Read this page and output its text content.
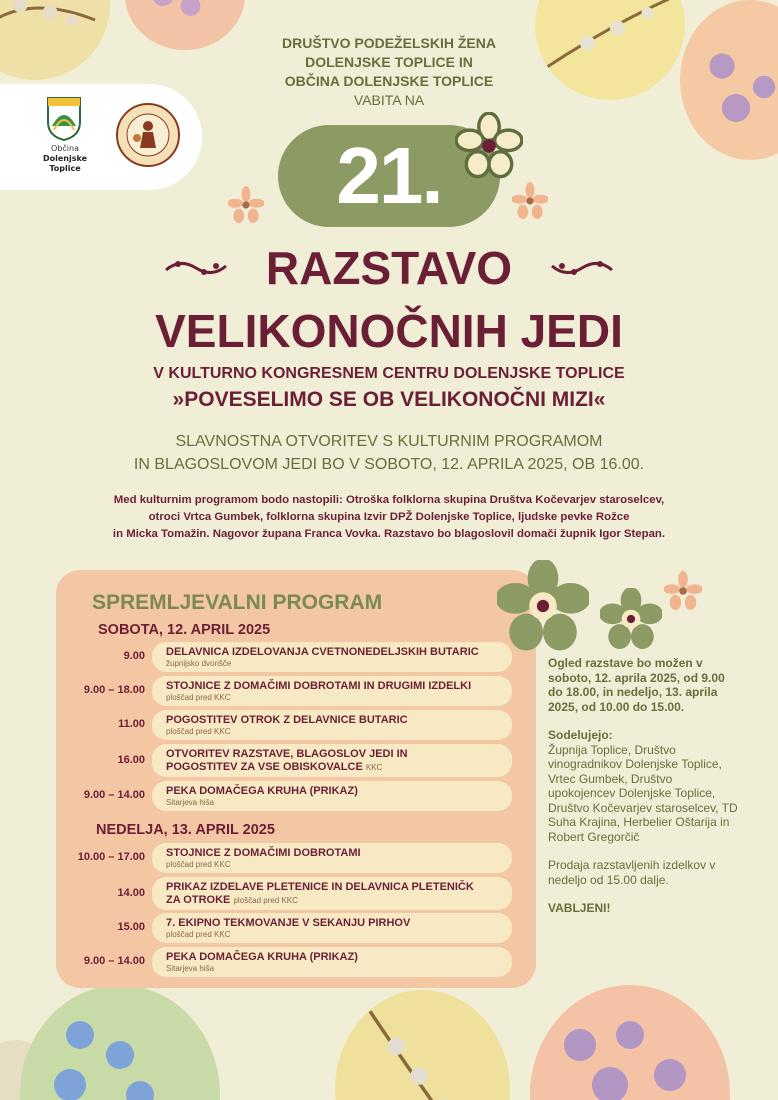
Občina
Dolenjske
Toplice
DRUŠTVO PODEŽELSKIH ŽENA
DOLENJSKE TOPLICE IN
OBČINA DOLENJSKE TOPLICE
VABITA NA
21.
RAZSTAVO
VELIKONOČNIH JEDI
V KULTURNO KONGRESNEM CENTRU DOLENJSKE TOPLICE
»POVESELIMO SE OB VELIKONOČNI MIZI«
SLAVNOSTNA OTVORITEV S KULTURNIM PROGRAMOM
IN BLAGOSLOVOM JEDI BO V SOBOTO, 12. APRILA 2025, OB 16.00.
Med kulturnim programom bodo nastopili: Otroška folklorna skupina Društva Kočevarjev staroselcev,
otroci Vrtca Gumbek, folklorna skupina Izvir DPŽ Dolenjske Toplice, ljudske pevke Rožce
in Micka Tomažin. Nagovor župana Franca Vovka. Razstavo bo blagoslovil domači župnik Igor Stepan.
SPREMLJEVALNI PROGRAM
SOBOTA, 12. APRIL 2025
9.00 DELAVNICA IZDELOVANJA CVETNONEDELJSKIH BUTARIC
župnijsko dvorišče
9.00 – 18.00 STOJNICE Z DOMAČIMI DOBROTAMI IN DRUGIMI IZDELKI
ploščad pred KKC
11.00 POGOSTITEV OTROK Z DELAVNICE BUTARIC
ploščad pred KKC
16.00 OTVORITEV RAZSTAVE, BLAGOSLOV JEDI IN
POGOSTITEV ZA VSE OBISKOVALCE KKC
9.00 – 14.00 PEKA DOMAČEGA KRUHA (PRIKAZ)
Sitarjeva hiša
NEDELJA, 13. APRIL 2025
10.00 – 17.00 STOJNICE Z DOMAČIMI DOBROTAMI
ploščad pred KKC
14.00 PRIKAZ IZDELAVE PLETENICE IN DELAVNICA PLETENIČK
ZA OTROKE ploščad pred KKC
15.00 7. EKIPNO TEKMOVANJE V SEKANJU PIRHOV
ploščad pred KKC
9.00 – 14.00 PEKA DOMAČEGA KRUHA (PRIKAZ)
Sitarjeva hiša

Ogled razstave bo možen v soboto, 12. aprila 2025, od 9.00 do 18.00, in nedeljo, 13. aprila 2025, od 10.00 do 15.00.

Sodelujejo:
Župnija Toplice, Društvo vinogradnikov Dolenjske Toplice, Vrtec Gumbek, Društvo upokojencev Dolenjske Toplice, Društvo Kočevarjev staroselcev, TD Suha Krajina, Herbelier Oštarija in Robert Gregorčič

Prodaja razstavljenih izdelkov v nedeljo od 15.00 dalje.

VABLJENI!
